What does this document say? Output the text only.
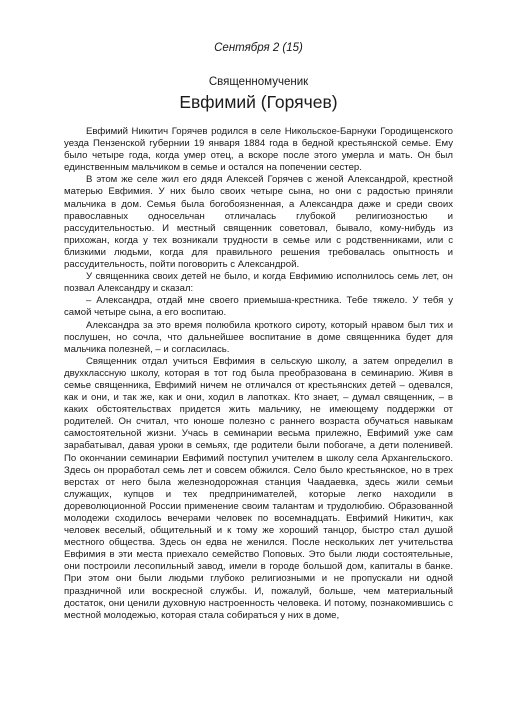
Сентября 2 (15)
Священномученик
Евфимий (Горячев)

Евфимий Никитич Горячев родился в селе Никольское-Барнуки Городищенского уезда Пензенской губернии 19 января 1884 года в бедной крестьянской семье. Ему было четыре года, когда умер отец, а вскоре после этого умерла и мать. Он был единственным мальчиком в семье и остался на попечении сестер.

В этом же селе жил его дядя Алексей Горячев с женой Александрой, крестной матерью Евфимия. У них было своих четыре сына, но они с радостью приняли мальчика в дом. Семья была богобоязненная, а Александра даже и среди своих православных односельчан отличалась глубокой религиозностью и рассудительностью. И местный священник советовал, бывало, кому-нибудь из прихожан, когда у тех возникали трудности в семье или с родственниками, или с близкими людьми, когда для правильного решения требовалась опытность и рассудительность, пойти поговорить с Александрой.

У священника своих детей не было, и когда Евфимию исполнилось семь лет, он позвал Александру и сказал:

– Александра, отдай мне своего приемыша-крестника. Тебе тяжело. У тебя у самой четыре сына, а его воспитаю.

Александра за это время полюбила кроткого сироту, который нравом был тих и послушен, но сочла, что дальнейшее воспитание в доме священника будет для мальчика полезней, – и согласилась.

Священник отдал учиться Евфимия в сельскую школу, а затем определил в двухклассную школу, которая в тот год была преобразована в семинарию. Живя в семье священника, Евфимий ничем не отличался от крестьянских детей – одевался, как и они, и так же, как и они, ходил в лапотках. Кто знает, – думал священник, – в каких обстоятельствах придется жить мальчику, не имеющему поддержки от родителей. Он считал, что юноше полезно с раннего возраста обучаться навыкам самостоятельной жизни. Учась в семинарии весьма прилежно, Евфимий уже сам зарабатывал, давая уроки в семьях, где родители были побогаче, а дети поленивей. По окончании семинарии Евфимий поступил учителем в школу села Архангельского. Здесь он проработал семь лет и совсем обжился. Село было крестьянское, но в трех верстах от него была железнодорожная станция Чаадаевка, здесь жили семьи служащих, купцов и тех предпринимателей, которые легко находили в дореволюционной России применение своим талантам и трудолюбию. Образованной молодежи сходилось вечерами человек по восемнадцать. Евфимий Никитич, как человек веселый, общительный и к тому же хороший танцор, быстро стал душой местного общества. Здесь он едва не женился. После нескольких лет учительства Евфимия в эти места приехало семейство Поповых. Это были люди состоятельные, они построили лесопильный завод, имели в городе большой дом, капиталы в банке. При этом они были людьми глубоко религиозными и не пропускали ни одной праздничной или воскресной службы. И, пожалуй, больше, чем материальный достаток, они ценили духовную настроенность человека. И потому, познакомившись с местной молодежью, которая стала собираться у них в доме,
